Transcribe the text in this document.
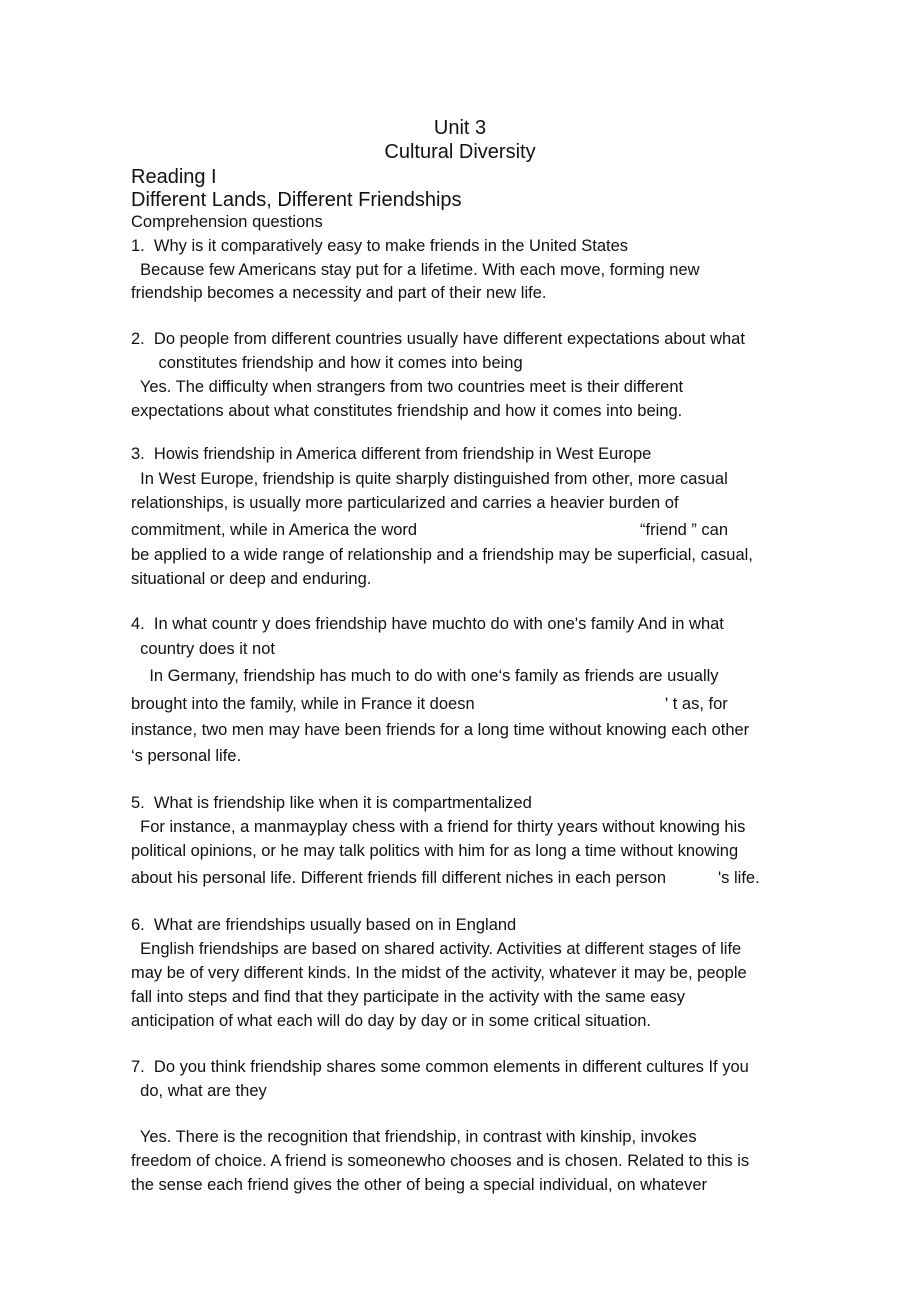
Unit 3
Cultural Diversity
Reading I
Different Lands, Different Friendships
Comprehension questions
1.  Why is it comparatively easy to make friends in the United States
Because few Americans stay put for a lifetime. With each move, forming new
friendship becomes a necessity and part of their new life.
2.  Do people from different countries usually have different expectations about what
constitutes friendship and how it comes into being
Yes. The difficulty when strangers from two countries meet is their different
expectations about what constitutes friendship and how it comes into being.
3.  Howis friendship in America different from friendship in West Europe
In West Europe, friendship is quite sharply distinguished from other, more casual
relationships, is usually more particularized and carries a heavier burden of
commitment, while in America the word	“friend ” can
be applied to a wide range of relationship and a friendship may be superficial, casual,
situational or deep and enduring.
4.  In what countr y does friendship have muchto do with one's family And in what
country does it not
In Germany, friendship has much to do with one‘s family as friends are usually
brought into the family, while in France it doesn	' t as, for
instance, two men may have been friends for a long time without knowing each other
‘s personal life.
5.  What is friendship like when it is compartmentalized
For instance, a manmayplay chess with a friend for thirty years without knowing his
political opinions, or he may talk politics with him for as long a time without knowing
about his personal life. Different friends fill different niches in each person	's life.
6.  What are friendships usually based on in England
English friendships are based on shared activity. Activities at different stages of life
may be of very different kinds. In the midst of the activity, whatever it may be, people
fall into steps and find that they participate in the activity with the same easy
anticipation of what each will do day by day or in some critical situation.
7.  Do you think friendship shares some common elements in different cultures If you
do, what are they
Yes. There is the recognition that friendship, in contrast with kinship, invokes
freedom of choice. A friend is someonewho chooses and is chosen. Related to this is
the sense each friend gives the other of being a special individual, on whatever
